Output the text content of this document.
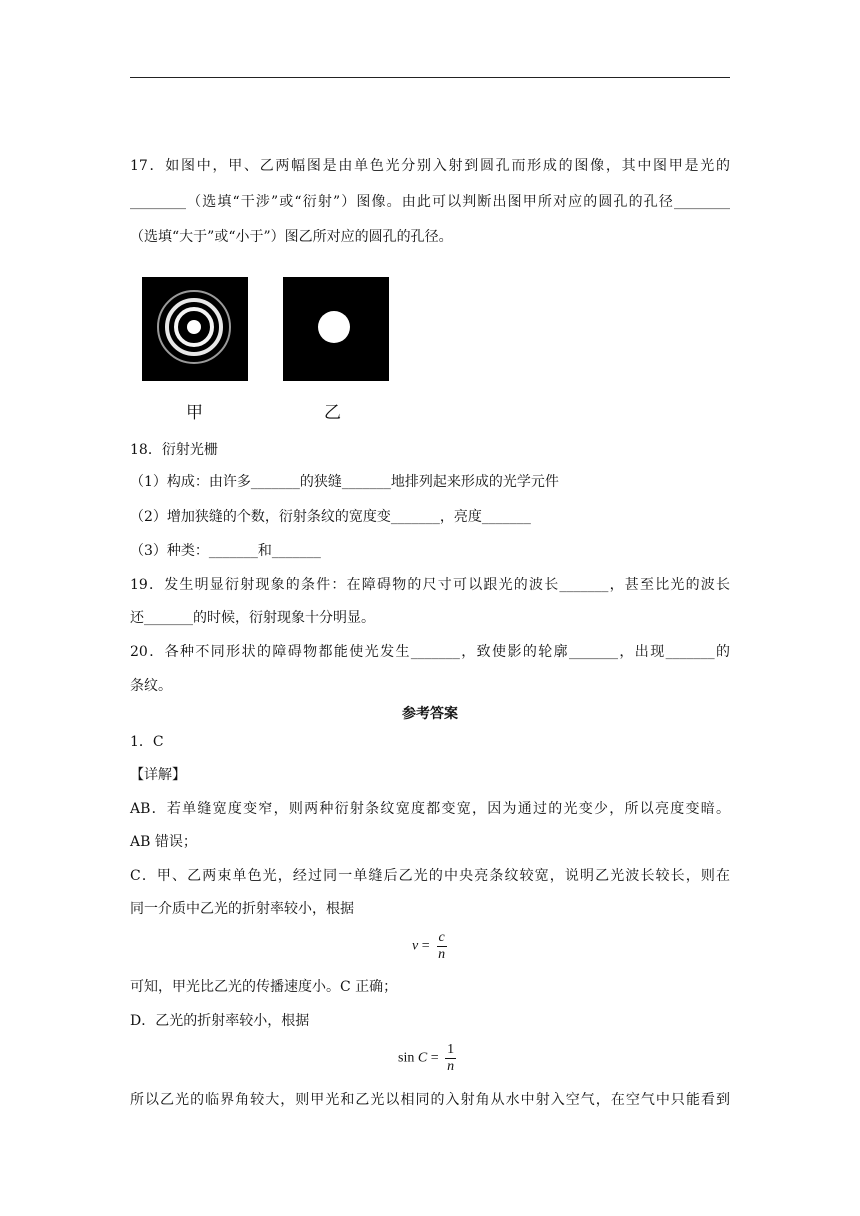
17．如图中，甲、乙两幅图是由单色光分别入射到圆孔而形成的图像，其中图甲是光的
________（选填“干涉”或“衍射”）图像。由此可以判断出图甲所对应的圆孔的孔径________
（选填“大于”或“小于”）图乙所对应的圆孔的孔径。
甲	乙
18．衍射光栅
（1）构成：由许多_______的狭缝_______地排列起来形成的光学元件
（2）增加狭缝的个数，衍射条纹的宽度变_______，亮度_______
（3）种类：_______和_______
19．发生明显衍射现象的条件：在障碍物的尺寸可以跟光的波长_______，甚至比光的波长
还_______的时候，衍射现象十分明显。
20．各种不同形状的障碍物都能使光发生_______，致使影的轮廓_______，出现_______的
条纹。
参考答案
1．C
【详解】
AB．若单缝宽度变窄，则两种衍射条纹宽度都变宽，因为通过的光变少，所以亮度变暗。
AB 错误；
C．甲、乙两束单色光，经过同一单缝后乙光的中央亮条纹较宽，说明乙光波长较长，则在
同一介质中乙光的折射率较小，根据
$v = \frac{c}{n}$
可知，甲光比乙光的传播速度小。C 正确；
D．乙光的折射率较小，根据
$\sin C = \frac{1}{n}$
所以乙光的临界角较大，则甲光和乙光以相同的入射角从水中射入空气，在空气中只能看到
